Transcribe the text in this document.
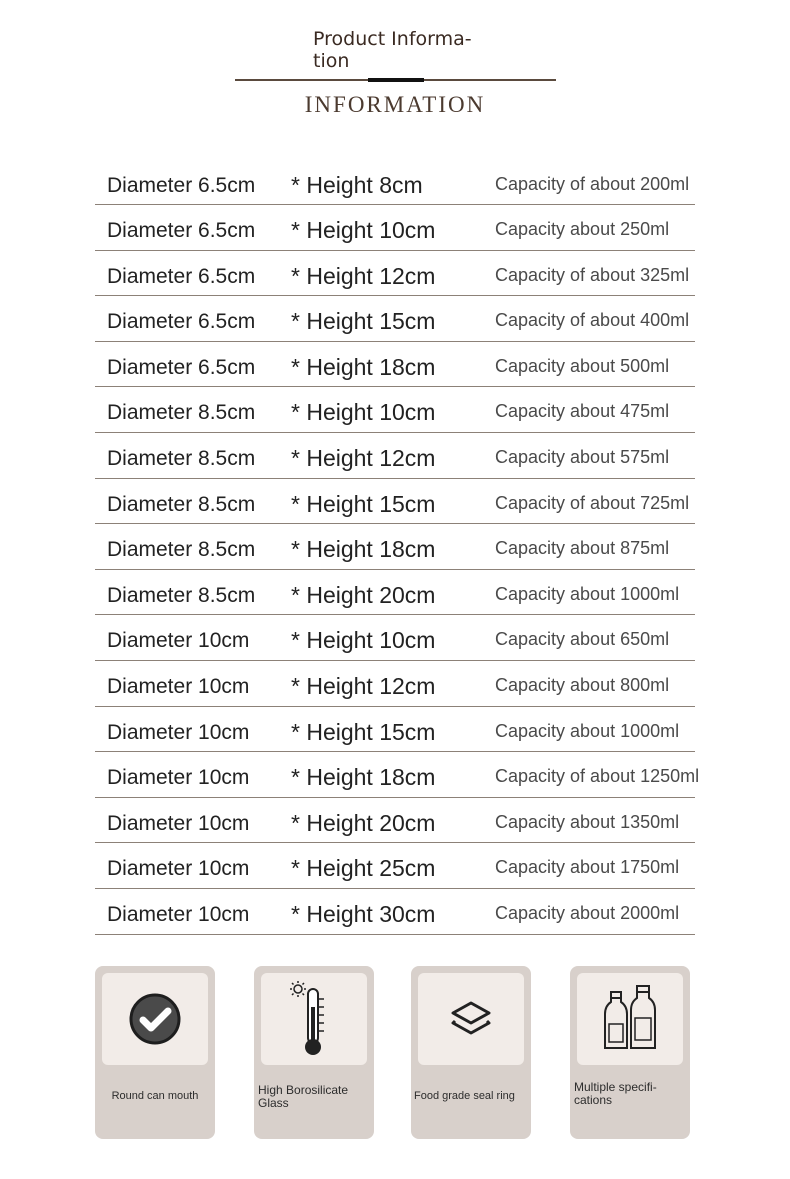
Product Informa-
tion
INFORMATION
Diameter 6.5cm * Height 8cm	Capacity of about 200ml
Diameter 6.5cm * Height 10cm	Capacity about 250ml
Diameter 6.5cm * Height 12cm	Capacity of about 325ml
Diameter 6.5cm * Height 15cm	Capacity of about 400ml
Diameter 6.5cm * Height 18cm	Capacity about 500ml
Diameter 8.5cm * Height 10cm	Capacity about 475ml
Diameter 8.5cm * Height 12cm	Capacity about 575ml
Diameter 8.5cm * Height 15cm	Capacity of about 725ml
Diameter 8.5cm * Height 18cm	Capacity about 875ml
Diameter 8.5cm * Height 20cm	Capacity about 1000ml
Diameter 10cm * Height 10cm	Capacity about 650ml
Diameter 10cm * Height 12cm	Capacity about 800ml
Diameter 10cm * Height 15cm	Capacity about 1000ml
Diameter 10cm * Height 18cm	Capacity of about 1250ml
Diameter 10cm * Height 20cm	Capacity about 1350ml
Diameter 10cm * Height 25cm	Capacity about 1750ml
Diameter 10cm * Height 30cm	Capacity about 2000ml
Round can mouth	High Borosilicate
Glass	Food grade seal ring
Multiple specifi-
cations
